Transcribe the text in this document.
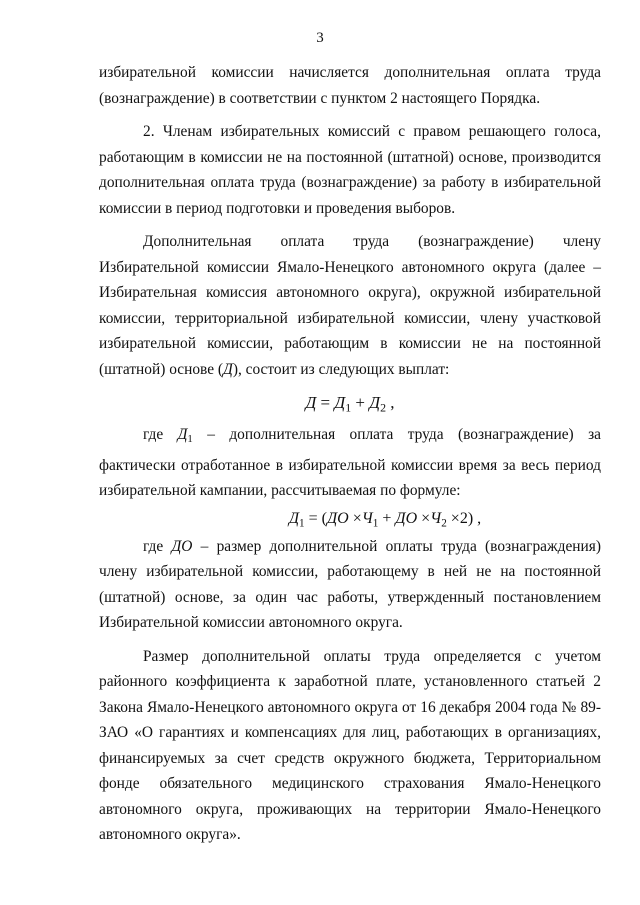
3

избирательной комиссии начисляется дополнительная оплата труда (вознаграждение) в соответствии с пунктом 2 настоящего Порядка.

2. Членам избирательных комиссий с правом решающего голоса, работающим в комиссии не на постоянной (штатной) основе, производится дополнительная оплата труда (вознаграждение) за работу в избирательной комиссии в период подготовки и проведения выборов.

Дополнительная оплата труда (вознаграждение) члену Избирательной комиссии Ямало-Ненецкого автономного округа (далее – Избирательная комиссия автономного округа), окружной избирательной комиссии, территориальной избирательной комиссии, члену участковой избирательной комиссии, работающим в комиссии не на постоянной (штатной) основе (Д), состоит из следующих выплат:

$Д = Д_1 + Д_2$ ,

где $Д_1$ – дополнительная оплата труда (вознаграждение) за фактически отработанное в избирательной комиссии время за весь период избирательной кампании, рассчитываемая по формуле:

$Д_1 = (ДО \times Ч_1$ + ДО $\times Ч_2 \times 2$) ,

где ДО – размер дополнительной оплаты труда (вознаграждения) члену избирательной комиссии, работающему в ней не на постоянной (штатной) основе, за один час работы, утвержденный постановлением Избирательной комиссии автономного округа.

Размер дополнительной оплаты труда определяется с учетом районного коэффициента к заработной плате, установленного статьей 2 Закона Ямало-Ненецкого автономного округа от 16 декабря 2004 года № 89-ЗАО «О гарантиях и компенсациях для лиц, работающих в организациях, финансируемых за счет средств окружного бюджета, Территориальном фонде обязательного медицинского страхования Ямало-Ненецкого автономного округа, проживающих на территории Ямало-Ненецкого автономного округа».
